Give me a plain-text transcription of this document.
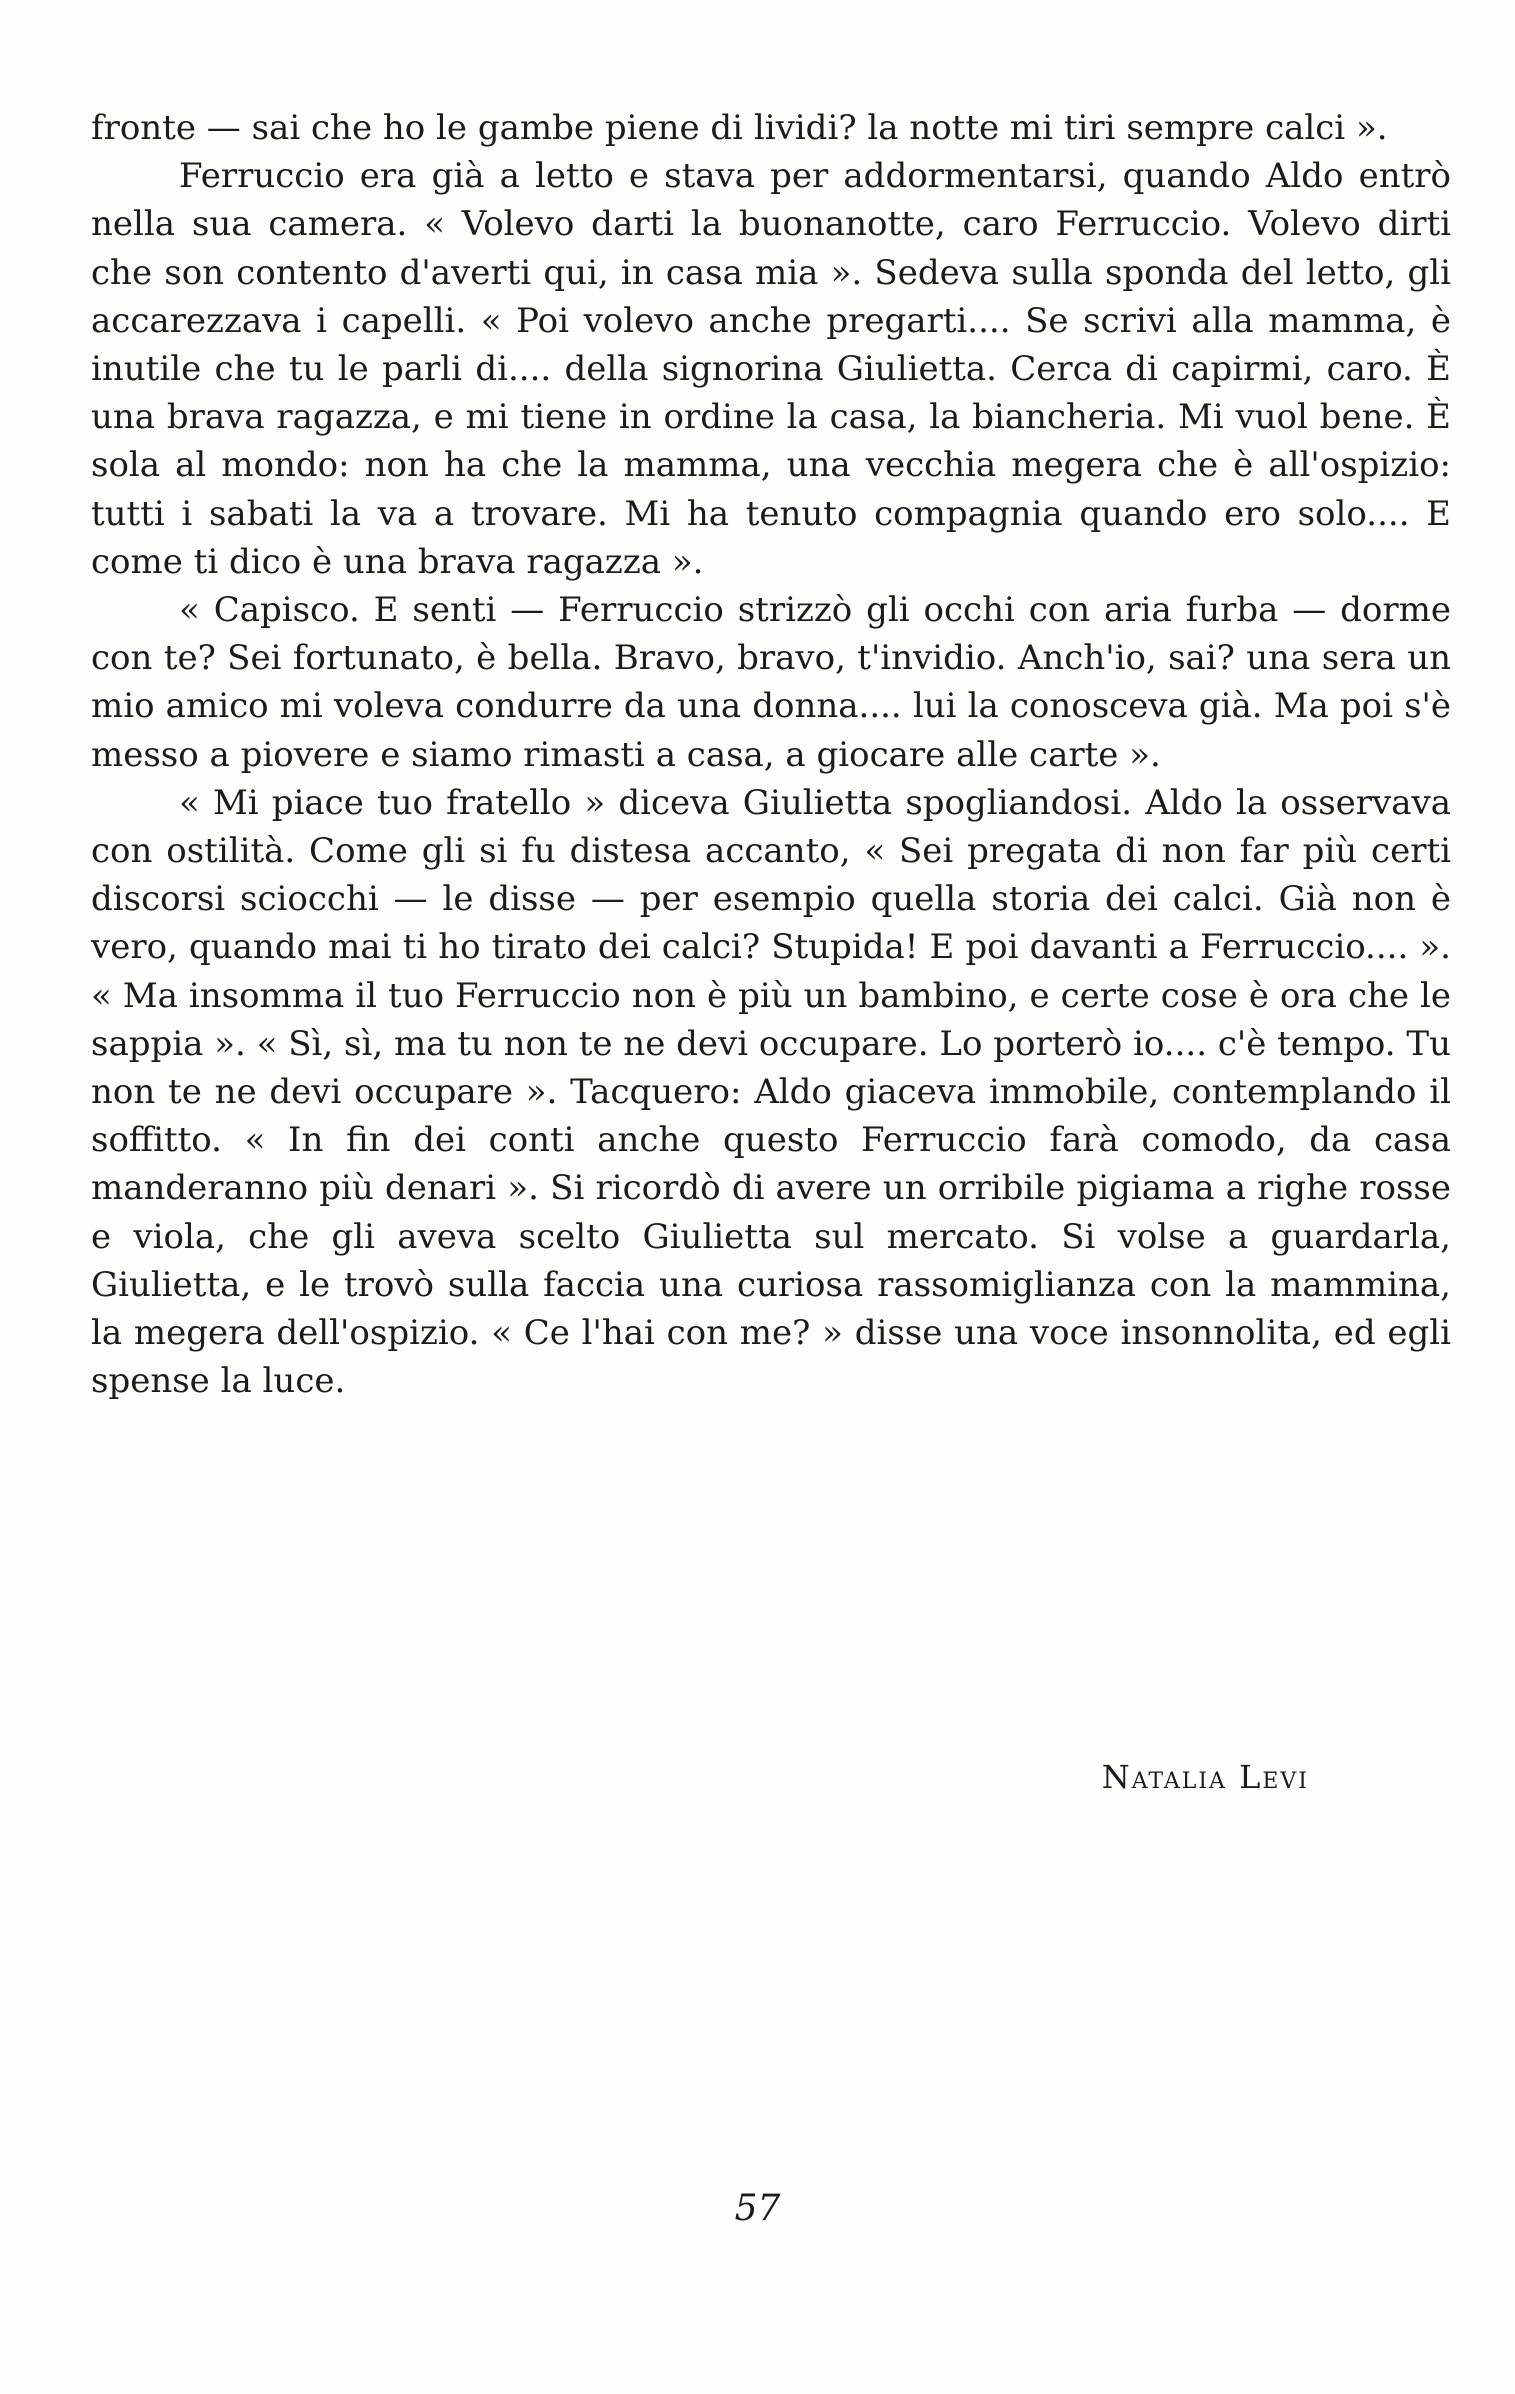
fronte — sai che ho le gambe piene di lividi? la notte mi tiri sempre calci ».

Ferruccio era già a letto e stava per addormentarsi, quando Aldo entrò nella sua camera. « Volevo darti la buonanotte, caro Ferruccio. Volevo dirti che son contento d'averti qui, in casa mia ». Sedeva sulla sponda del letto, gli accarezzava i capelli. « Poi volevo anche pregarti.... Se scrivi alla mamma, è inutile che tu le parli di.... della signorina Giulietta. Cerca di capirmi, caro. È una brava ragazza, e mi tiene in ordine la casa, la biancheria. Mi vuol bene. È sola al mondo: non ha che la mamma, una vecchia megera che è all'ospizio: tutti i sabati la va a trovare. Mi ha tenuto compagnia quando ero solo.... E come ti dico è una brava ragazza ».

« Capisco. E senti — Ferruccio strizzò gli occhi con aria furba — dorme con te? Sei fortunato, è bella. Bravo, bravo, t'invidio. Anch'io, sai? una sera un mio amico mi voleva condurre da una donna.... lui la conosceva già. Ma poi s'è messo a piovere e siamo rimasti a casa, a giocare alle carte ».

« Mi piace tuo fratello » diceva Giulietta spogliandosi. Aldo la osservava con ostilità. Come gli si fu distesa accanto, « Sei pregata di non far più certi discorsi sciocchi — le disse — per esempio quella storia dei calci. Già non è vero, quando mai ti ho tirato dei calci? Stupida! E poi davanti a Ferruccio.... ». « Ma insomma il tuo Ferruccio non è più un bambino, e certe cose è ora che le sappia ». « Sì, sì, ma tu non te ne devi occupare. Lo porterò io.... c'è tempo. Tu non te ne devi occupare ». Tacquero: Aldo giaceva immobile, contemplando il soffitto. « In fin dei conti anche questo Ferruccio farà comodo, da casa manderanno più denari ». Si ricordò di avere un orribile pigiama a righe rosse e viola, che gli aveva scelto Giulietta sul mercato. Si volse a guardarla, Giulietta, e le trovò sulla faccia una curiosa rassomiglianza con la mammina, la megera dell'ospizio. « Ce l'hai con me? » disse una voce insonnolita, ed egli spense la luce.

Natalia Levi
57
